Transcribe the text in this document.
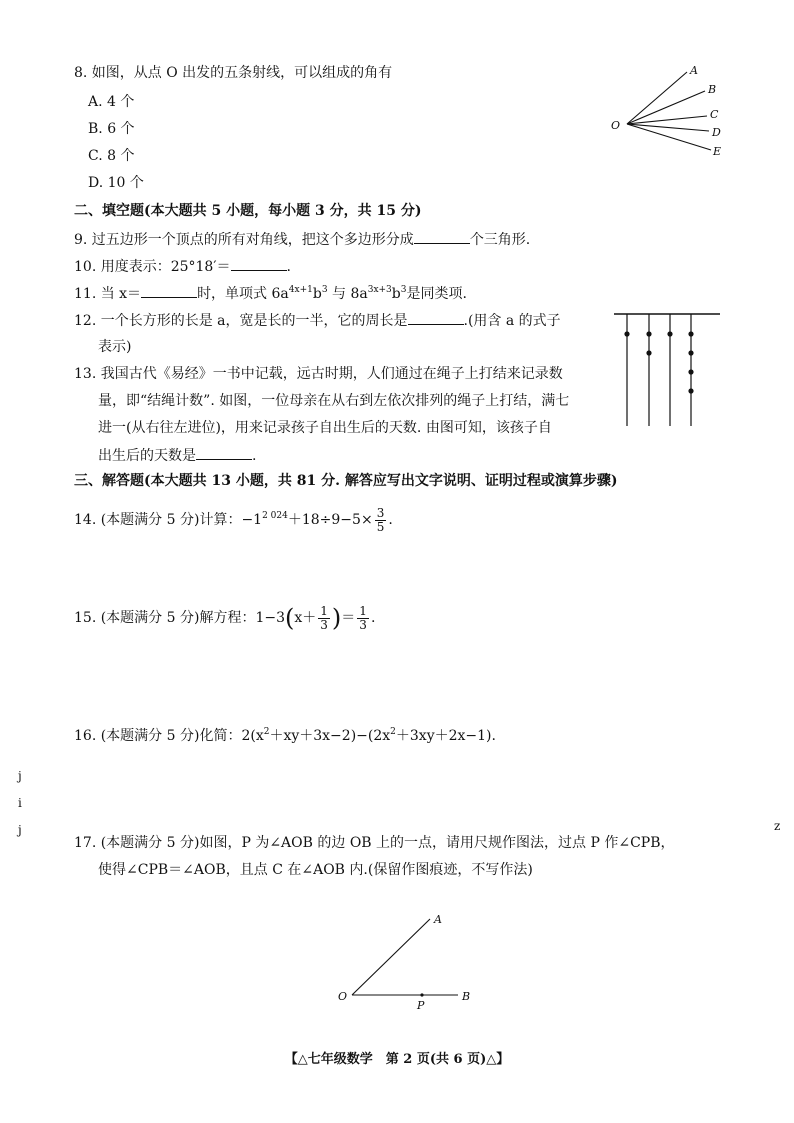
8. 如图，从点 O 出发的五条射线，可以组成的角有
A. 4 个
B. 6 个
C. 8 个
D. 10 个
A
B
C
D
E
O
二、填空题(本大题共 5 小题，每小题 3 分，共 15 分)
9. 过五边形一个顶点的所有对角线，把这个多边形分成	个三角形.
10. 用度表示：25°18′＝	.
11. 当 x＝	时，单项式 $6a^{4x+1}b^3$ 与 $8a^{3x+3}b^3$是同类项.
12. 一个长方形的长是 a，宽是长的一半，它的周长是	.(用含 a 的式子
表示)
13. 我国古代《易经》一书中记载，远古时期，人们通过在绳子上打结来记录数
量，即“结绳计数”. 如图，一位母亲在从右到左依次排列的绳子上打结，满七
进一(从右往左进位)，用来记录孩子自出生后的天数. 由图可知，该孩子自
出生后的天数是	.
三、解答题(本大题共 13 小题，共 81 分. 解答应写出文字说明、证明过程或演算步骤)
14. (本题满分 5 分)计算：$-1^{2 024}+18\div 9-5\times \frac{3}{5}$ .
15. (本题满分 5 分)解方程：$1-3(x+ \frac{1}{3}$ )＝ $\frac{1}{3}$ .
16. (本题满分 5 分)化简：$2(x^2+xy+3x-2)-(2x^2+3xy+2x-1)$.
j
i
j	z
17. (本题满分 5 分)如图，P 为∠AOB 的边 OB 上的一点，请用尺规作图法，过点 P 作∠CPB，
使得∠CPB＝∠AOB，且点 C 在∠AOB 内.(保留作图痕迹，不写作法)
A
O
P
B
【△七年级数学　第 2 页(共 6 页)△】
